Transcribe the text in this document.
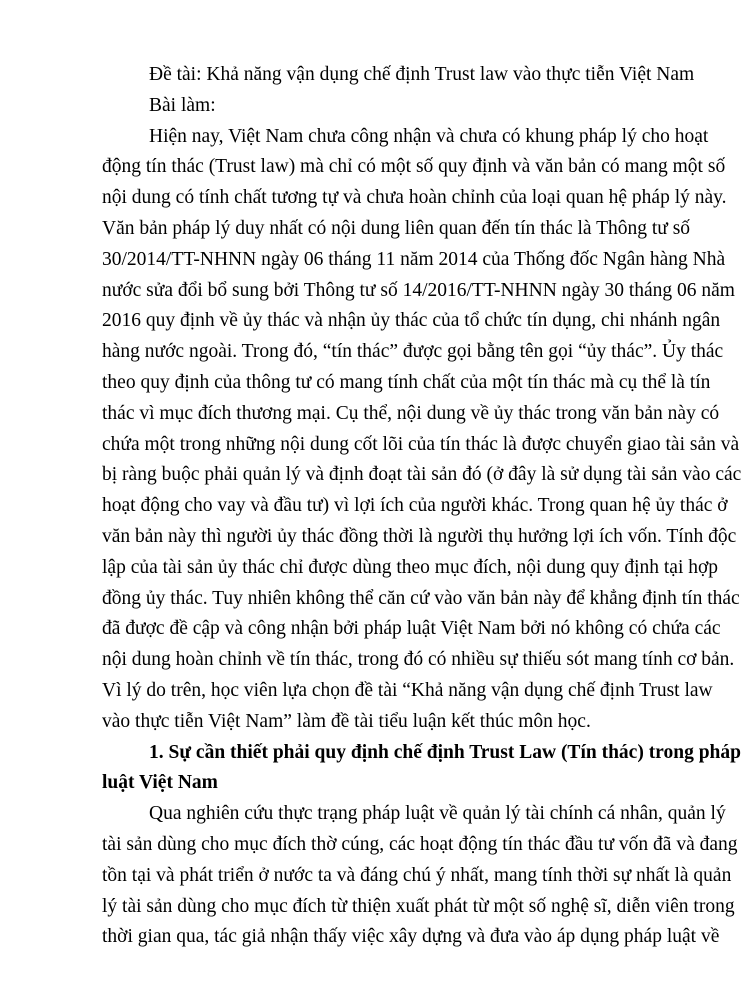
Đề tài: Khả năng vận dụng chế định Trust law vào thực tiễn Việt Nam
Bài làm:
Hiện nay, Việt Nam chưa công nhận và chưa có khung pháp lý cho hoạt
động tín thác (Trust law) mà chỉ có một số quy định và văn bản có mang một số
nội dung có tính chất tương tự và chưa hoàn chỉnh của loại quan hệ pháp lý này.
Văn bản pháp lý duy nhất có nội dung liên quan đến tín thác là Thông tư số
30/2014/TT-NHNN ngày 06 tháng 11 năm 2014 của Thống đốc Ngân hàng Nhà
nước sửa đổi bổ sung bởi Thông tư số 14/2016/TT-NHNN ngày 30 tháng 06 năm
2016 quy định về ủy thác và nhận ủy thác của tổ chức tín dụng, chi nhánh ngân
hàng nước ngoài. Trong đó, “tín thác” được gọi bằng tên gọi “ủy thác”. Ủy thác
theo quy định của thông tư có mang tính chất của một tín thác mà cụ thể là tín
thác vì mục đích thương mại. Cụ thể, nội dung về ủy thác trong văn bản này có
chứa một trong những nội dung cốt lõi của tín thác là được chuyển giao tài sản và
bị ràng buộc phải quản lý và định đoạt tài sản đó (ở đây là sử dụng tài sản vào các
hoạt động cho vay và đầu tư) vì lợi ích của người khác. Trong quan hệ ủy thác ở
văn bản này thì người ủy thác đồng thời là người thụ hưởng lợi ích vốn. Tính độc
lập của tài sản ủy thác chỉ được dùng theo mục đích, nội dung quy định tại hợp
đồng ủy thác. Tuy nhiên không thể căn cứ vào văn bản này để khẳng định tín thác
đã được đề cập và công nhận bởi pháp luật Việt Nam bởi nó không có chứa các
nội dung hoàn chỉnh về tín thác, trong đó có nhiều sự thiếu sót mang tính cơ bản.
Vì lý do trên, học viên lựa chọn đề tài “Khả năng vận dụng chế định Trust law
vào thực tiễn Việt Nam” làm đề tài tiểu luận kết thúc môn học.
1. Sự cần thiết phải quy định chế định Trust Law (Tín thác) trong pháp
luật Việt Nam
Qua nghiên cứu thực trạng pháp luật về quản lý tài chính cá nhân, quản lý
tài sản dùng cho mục đích thờ cúng, các hoạt động tín thác đầu tư vốn đã và đang
tồn tại và phát triển ở nước ta và đáng chú ý nhất, mang tính thời sự nhất là quản
lý tài sản dùng cho mục đích từ thiện xuất phát từ một số nghệ sĩ, diễn viên trong
thời gian qua, tác giả nhận thấy việc xây dựng và đưa vào áp dụng pháp luật về
